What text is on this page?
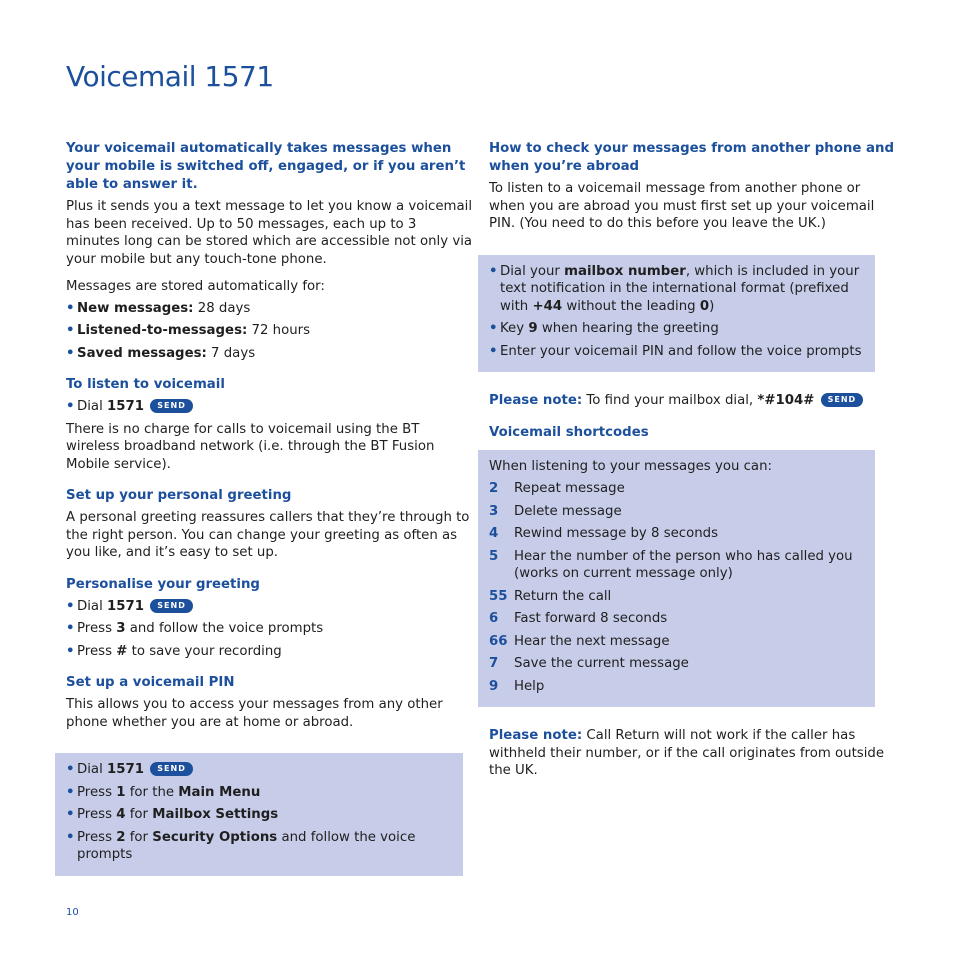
Voicemail 1571
Your voicemail automatically takes messages when your mobile is switched off, engaged, or if you aren’t able to answer it.

Plus it sends you a text message to let you know a voicemail has been received. Up to 50 messages, each up to 3 minutes long can be stored which are accessible not only via your mobile but any touch-tone phone.

Messages are stored automatically for:

• New messages: 28 days
• Listened-to-messages: 72 hours
• Saved messages: 7 days
To listen to voicemail
• Dial 1571 SEND

There is no charge for calls to voicemail using the BT wireless broadband network (i.e. through the BT Fusion Mobile service).

Set up your personal greeting

A personal greeting reassures callers that they’re through to the right person. You can change your greeting as often as you like, and it’s easy to set up.

Personalise your greeting
• Dial 1571 SEND
• Press 3 and follow the voice prompts
• Press # to save your recording
Set up a voicemail PIN

This allows you to access your messages from any other phone whether you are at home or abroad.

• Dial 1571 SEND
• Press 1 for the Main Menu
• Press 4 for Mailbox Settings
• Press 2 for Security Options and follow the voice prompts
How to check your messages from another phone and when you’re abroad

To listen to a voicemail message from another phone or when you are abroad you must first set up your voicemail PIN. (You need to do this before you leave the UK.)

• Dial your mailbox number, which is included in your text notification in the international format (prefixed with +44 without the leading 0)
• Key 9 when hearing the greeting
• Enter your voicemail PIN and follow the voice prompts

Please note: To find your mailbox dial, *#104# SEND

Voicemail shortcodes

When listening to your messages you can:

2	Repeat message
3	Delete message
4	Rewind message by 8 seconds
5	Hear the number of the person who has called you (works on current message only)
55 Return the call
6	Fast forward 8 seconds
66 Hear the next message
7	Save the current message
9	Help

Please note: Call Return will not work if the caller has withheld their number, or if the call originates from outside the UK.

10
